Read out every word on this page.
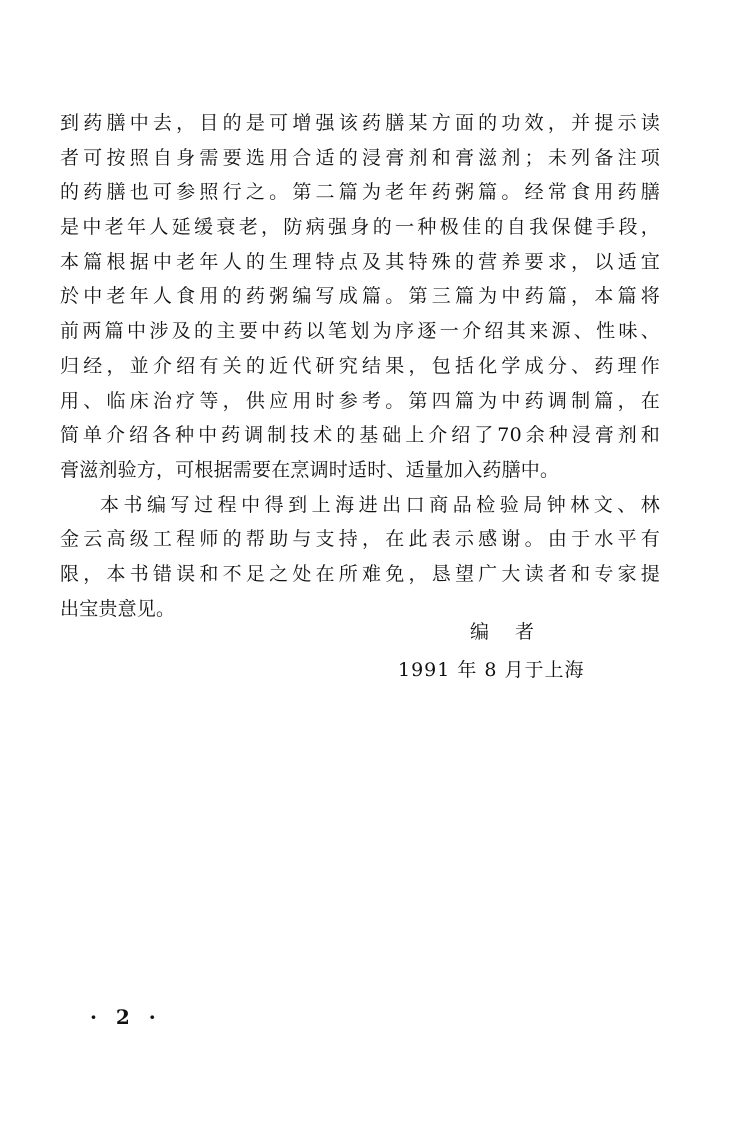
到药膳中去，目的是可增强该药膳某方面的功效，并提示读
者可按照自身需要选用合适的浸膏剂和膏滋剂；未列备注项
的药膳也可参照行之。第二篇为老年药粥篇。经常食用药膳
是中老年人延缓衰老，防病强身的一种极佳的自我保健手段，
本篇根据中老年人的生理特点及其特殊的营养要求，以适宜
於中老年人食用的药粥编写成篇。第三篇为中药篇，本篇将
前两篇中涉及的主要中药以笔划为序逐一介绍其来源、性味、
归经，並介绍有关的近代研究结果，包括化学成分、药理作
用、临床治疗等，供应用时参考。第四篇为中药调制篇，在
简单介绍各种中药调制技术的基础上介绍了70余种浸膏剂和
膏滋剂验方，可根据需要在烹调时适时、适量加入药膳中。
本书编写过程中得到上海进出口商品检验局钟林文、林
金云高级工程师的帮助与支持，在此表示感谢。由于水平有
限，本书错误和不足之处在所难免，恳望广大读者和专家提
出宝贵意见。
编 者
1991 年 8 月于上海
· 2 ·
